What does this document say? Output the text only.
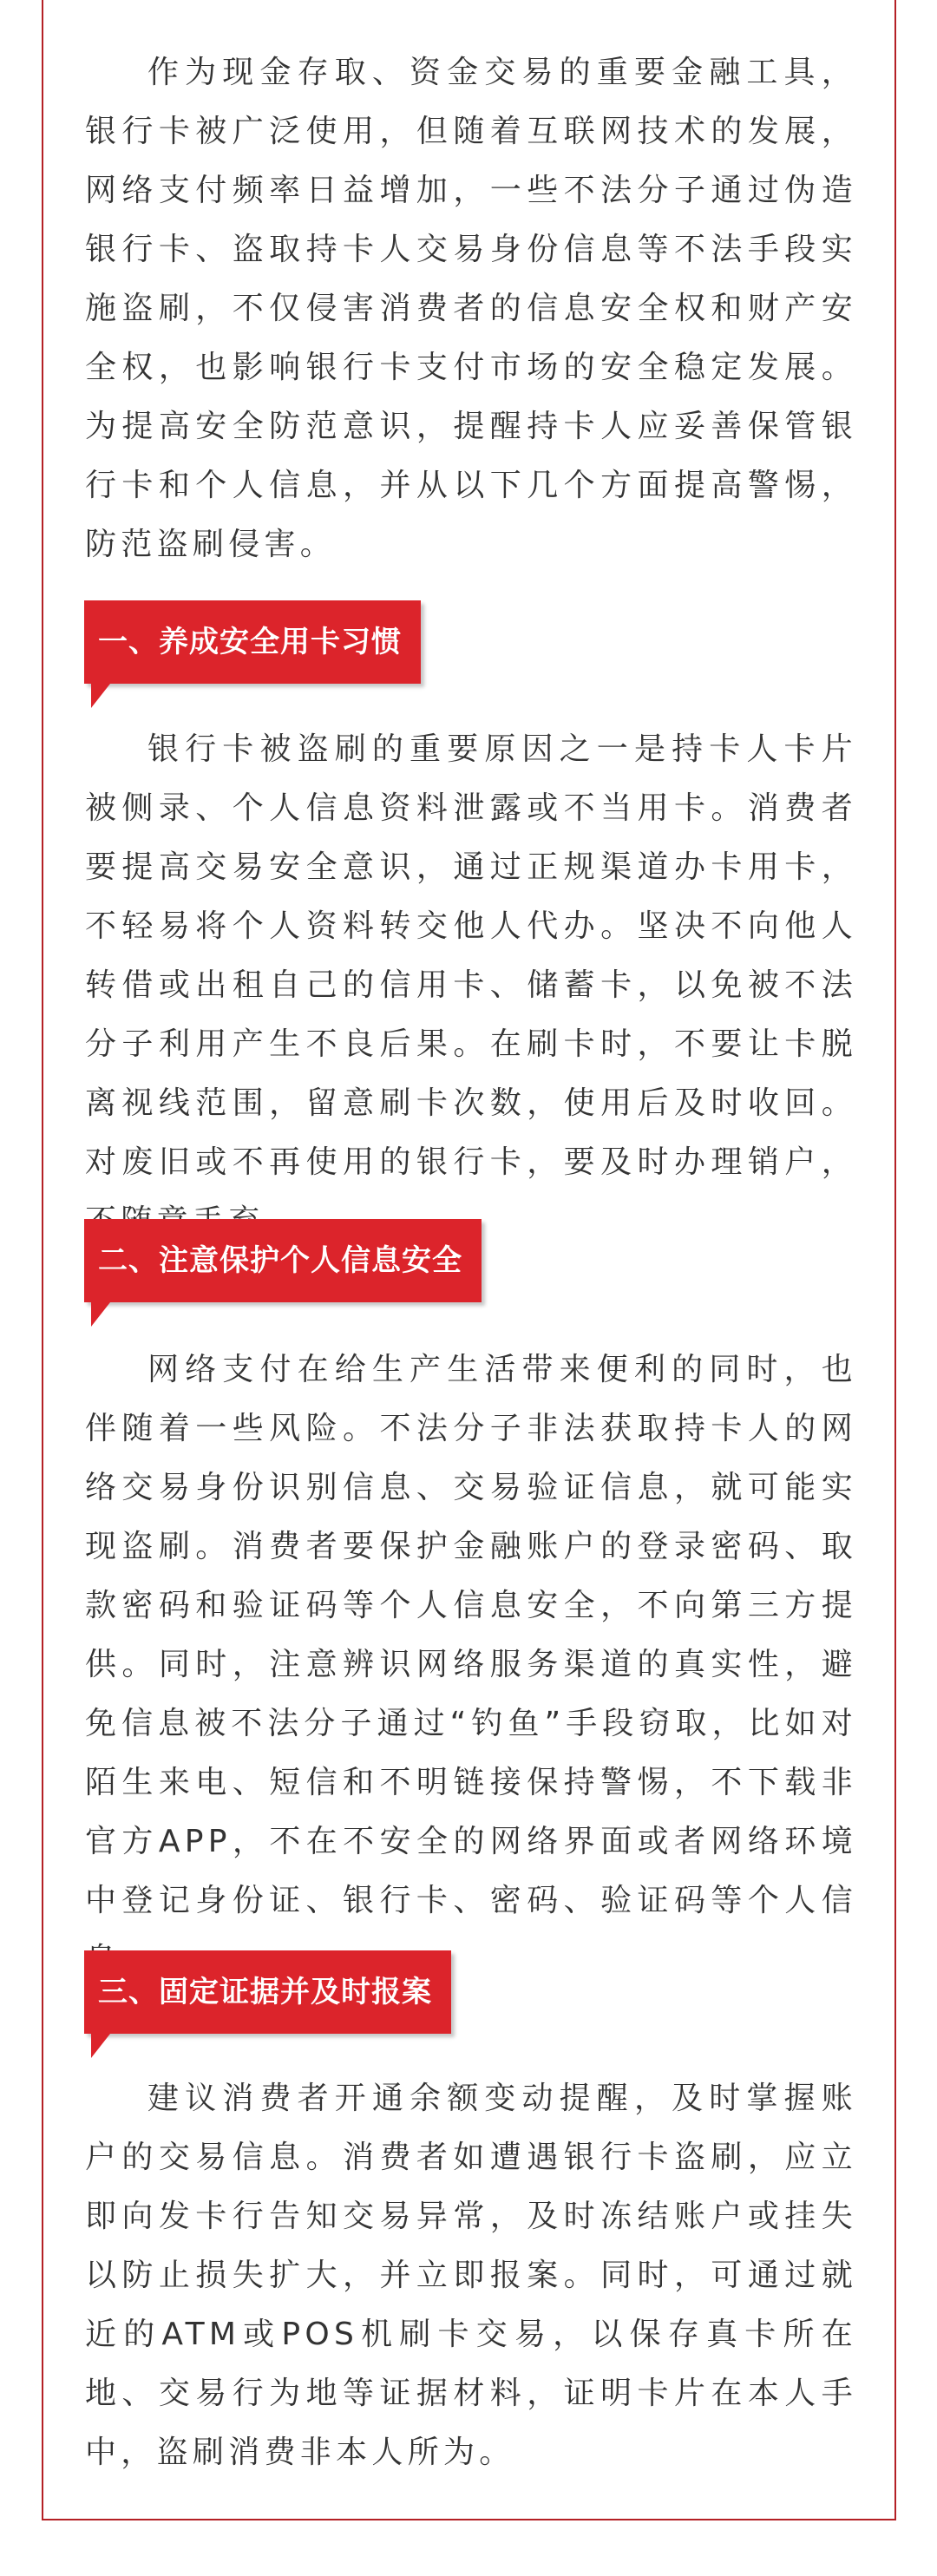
作为现金存取、资金交易的重要金融工具，银行卡被广泛使用，但随着互联网技术的发展，网络支付频率日益增加，一些不法分子通过伪造银行卡、盗取持卡人交易身份信息等不法手段实施盗刷，不仅侵害消费者的信息安全权和财产安全权，也影响银行卡支付市场的安全稳定发展。为提高安全防范意识，提醒持卡人应妥善保管银行卡和个人信息，并从以下几个方面提高警惕，防范盗刷侵害。

一、养成安全用卡习惯

银行卡被盗刷的重要原因之一是持卡人卡片被侧录、个人信息资料泄露或不当用卡。消费者要提高交易安全意识，通过正规渠道办卡用卡，不轻易将个人资料转交他人代办。坚决不向他人转借或出租自己的信用卡、储蓄卡，以免被不法分子利用产生不良后果。在刷卡时，不要让卡脱离视线范围，留意刷卡次数，使用后及时收回。对废旧或不再使用的银行卡，要及时办理销户，

二、注意保护个人信息安全

网络支付在给生产生活带来便利的同时，也伴随着一些风险。不法分子非法获取持卡人的网络交易身份识别信息、交易验证信息，就可能实现盗刷。消费者要保护金融账户的登录密码、取款密码和验证码等个人信息安全，不向第三方提供。同时，注意辨识网络服务渠道的真实性，避免信息被不法分子通过“钓鱼”手段窃取，比如对陌生来电、短信和不明链接保持警惕，不下载非官方APP，不在不安全的网络界面或者网络环境中登记身份证、银行卡、密码、验证码等个人信

三、固定证据并及时报案

建议消费者开通余额变动提醒，及时掌握账户的交易信息。消费者如遭遇银行卡盗刷，应立即向发卡行告知交易异常，及时冻结账户或挂失以防止损失扩大，并立即报案。同时，可通过就近的ATM或POS机刷卡交易，以保存真卡所在地、交易行为地等证据材料，证明卡片在本人手中，盗刷消费非本人所为。
